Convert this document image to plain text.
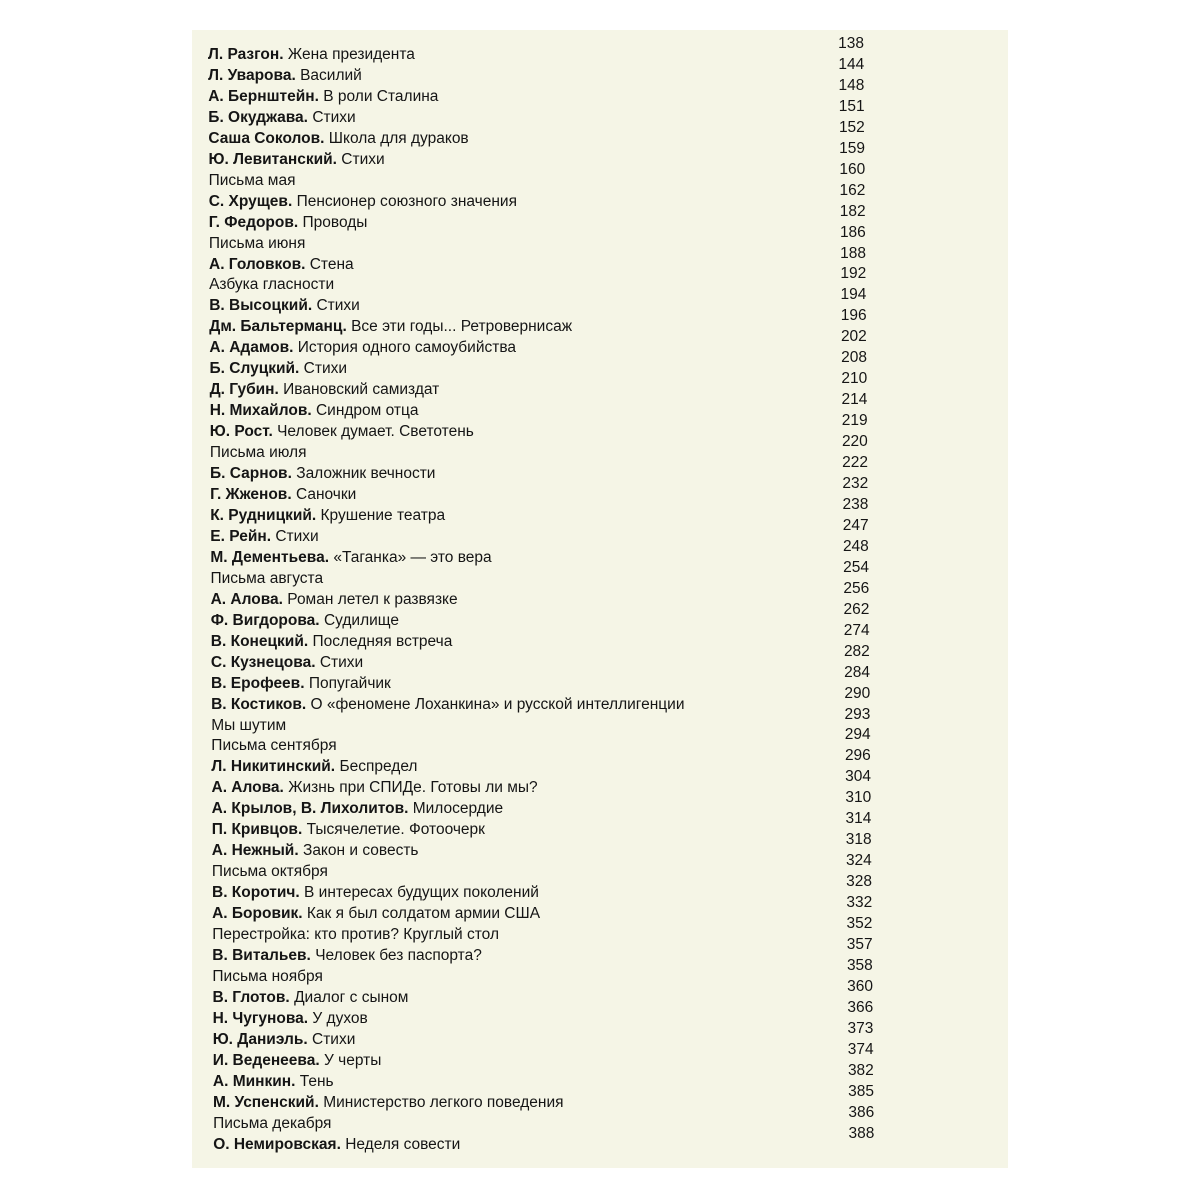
Л. Разгон. Жена президента
138
Л. Уварова. Василий
144
А. Бернштейн. В роли Сталина
148
Б. Окуджава. Стихи
151
Саша Соколов. Школа для дураков
152
Ю. Левитанский. Стихи
159
Письма мая
160
С. Хрущев. Пенсионер союзного значения
162
Г. Федоров. Проводы
182
Письма июня
186
А. Головков. Стена
188
Азбука гласности
192
В. Высоцкий. Стихи
194
Дм. Бальтерманц. Все эти годы... Ретровернисаж
196
А. Адамов. История одного самоубийства
202
Б. Слуцкий. Стихи
208
Д. Губин. Ивановский самиздат
210
Н. Михайлов. Синдром отца
214
Ю. Рост. Человек думает. Светотень
219
Письма июля
220
Б. Сарнов. Заложник вечности
222
Г. Жженов. Саночки
232
К. Рудницкий. Крушение театра
238
Е. Рейн. Стихи
247
М. Дементьева. «Таганка» — это вера
248
Письма августа
254
А. Алова. Роман летел к развязке
256
Ф. Вигдорова. Судилище
262
В. Конецкий. Последняя встреча
274
С. Кузнецова. Стихи
282
В. Ерофеев. Попугайчик
284
В. Костиков. О «феномене Лоханкина» и русской интеллигенции
290
Мы шутим
293
Письма сентября
294
Л. Никитинский. Беспредел
296
А. Алова. Жизнь при СПИДе. Готовы ли мы?
304
А. Крылов, В. Лихолитов. Милосердие
310
П. Кривцов. Тысячелетие. Фотоочерк
314
А. Нежный. Закон и совесть
318
Письма октября
324
В. Коротич. В интересах будущих поколений
328
А. Боровик. Как я был солдатом армии США
332
Перестройка: кто против? Круглый стол
352
В. Витальев. Человек без паспорта?
357
Письма ноября
358
В. Глотов. Диалог с сыном
360
Н. Чугунова. У духов
366
Ю. Даниэль. Стихи
373
И. Веденеева. У черты
374
А. Минкин. Тень
382
М. Успенский. Министерство легкого поведения
385
Письма декабря
386
О. Немировская. Неделя совести
388
